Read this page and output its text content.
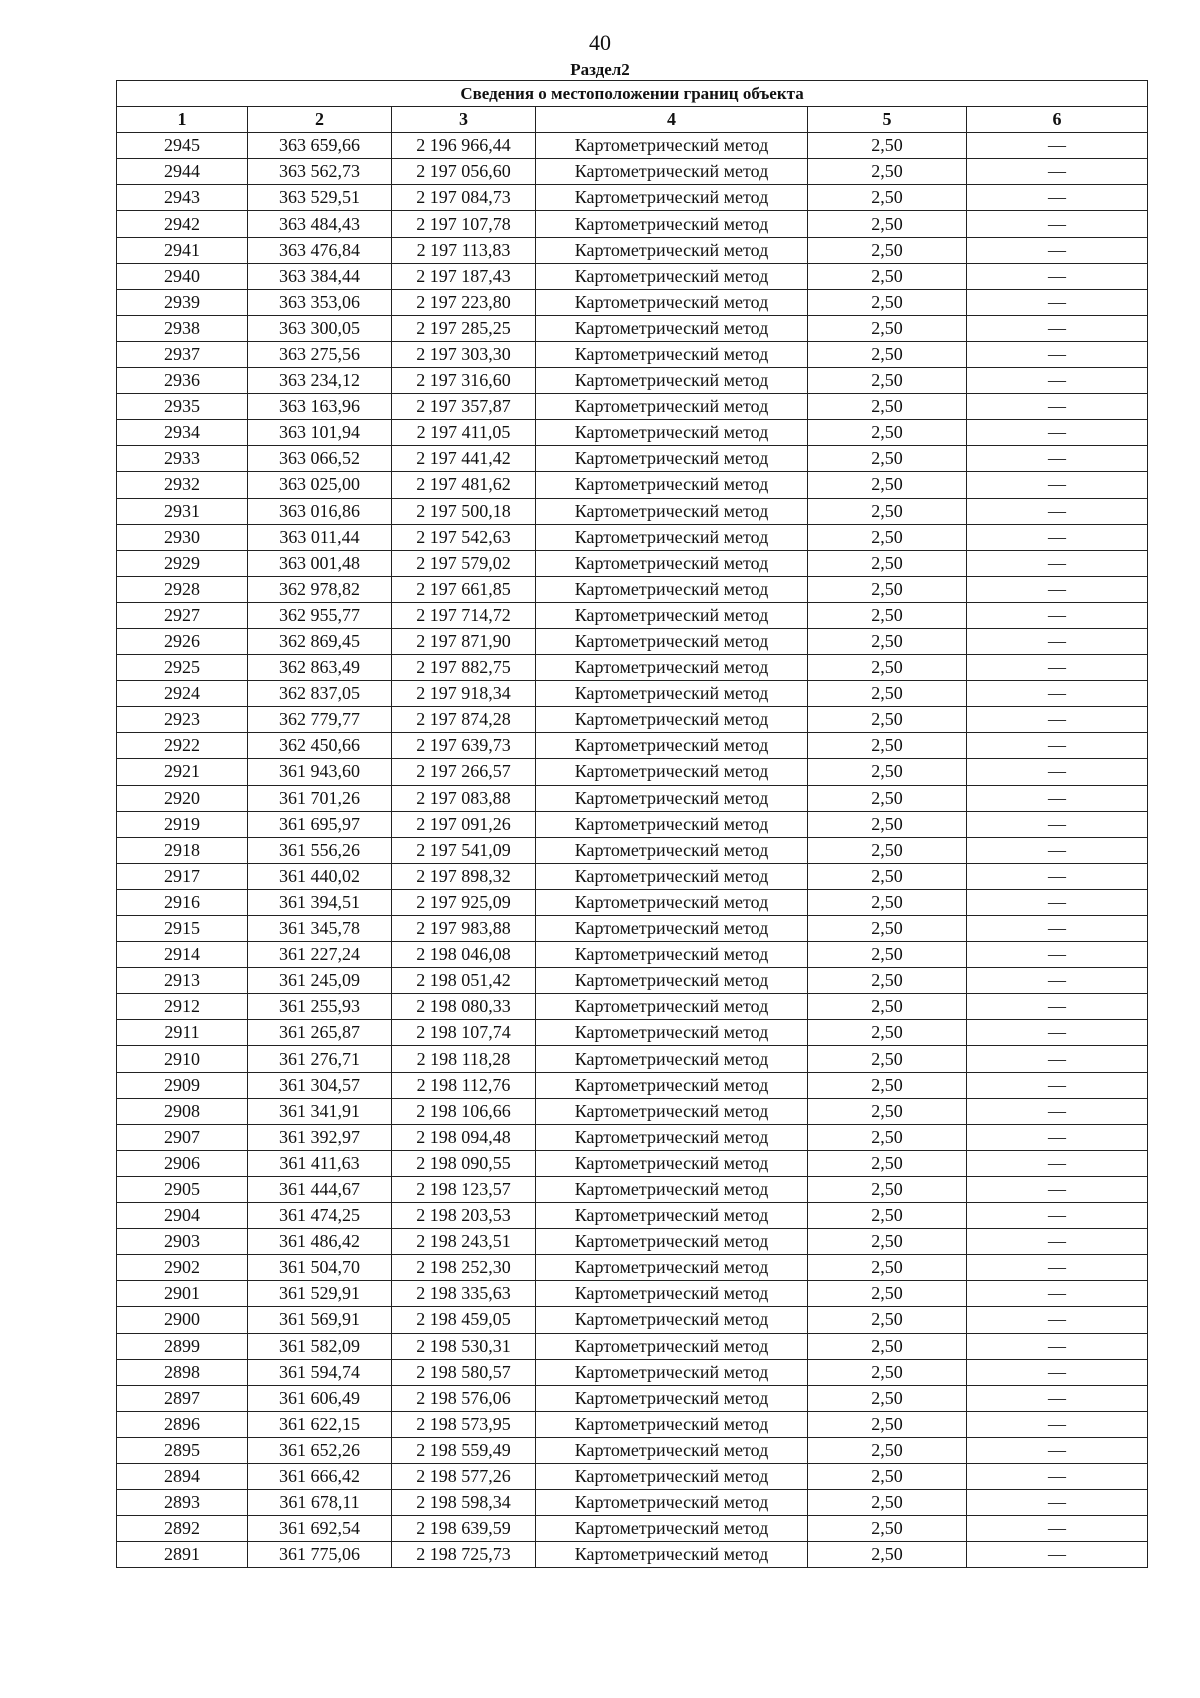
40
Раздел2
Сведения о местоположении границ объекта					
1	2	3	4	5	6
2945	363 659,66	2 196 966,44	Картометрический метод	2,50	—
2944	363 562,73	2 197 056,60	Картометрический метод	2,50	—
2943	363 529,51	2 197 084,73	Картометрический метод	2,50	—
2942	363 484,43	2 197 107,78	Картометрический метод	2,50	—
2941	363 476,84	2 197 113,83	Картометрический метод	2,50	—
2940	363 384,44	2 197 187,43	Картометрический метод	2,50	—
2939	363 353,06	2 197 223,80	Картометрический метод	2,50	—
2938	363 300,05	2 197 285,25	Картометрический метод	2,50	—
2937	363 275,56	2 197 303,30	Картометрический метод	2,50	—
2936	363 234,12	2 197 316,60	Картометрический метод	2,50	—
2935	363 163,96	2 197 357,87	Картометрический метод	2,50	—
2934	363 101,94	2 197 411,05	Картометрический метод	2,50	—
2933	363 066,52	2 197 441,42	Картометрический метод	2,50	—
2932	363 025,00	2 197 481,62	Картометрический метод	2,50	—
2931	363 016,86	2 197 500,18	Картометрический метод	2,50	—
2930	363 011,44	2 197 542,63	Картометрический метод	2,50	—
2929	363 001,48	2 197 579,02	Картометрический метод	2,50	—
2928	362 978,82	2 197 661,85	Картометрический метод	2,50	—
2927	362 955,77	2 197 714,72	Картометрический метод	2,50	—
2926	362 869,45	2 197 871,90	Картометрический метод	2,50	—
2925	362 863,49	2 197 882,75	Картометрический метод	2,50	—
2924	362 837,05	2 197 918,34	Картометрический метод	2,50	—
2923	362 779,77	2 197 874,28	Картометрический метод	2,50	—
2922	362 450,66	2 197 639,73	Картометрический метод	2,50	—
2921	361 943,60	2 197 266,57	Картометрический метод	2,50	—
2920	361 701,26	2 197 083,88	Картометрический метод	2,50	—
2919	361 695,97	2 197 091,26	Картометрический метод	2,50	—
2918	361 556,26	2 197 541,09	Картометрический метод	2,50	—
2917	361 440,02	2 197 898,32	Картометрический метод	2,50	—
2916	361 394,51	2 197 925,09	Картометрический метод	2,50	—
2915	361 345,78	2 197 983,88	Картометрический метод	2,50	—
2914	361 227,24	2 198 046,08	Картометрический метод	2,50	—
2913	361 245,09	2 198 051,42	Картометрический метод	2,50	—
2912	361 255,93	2 198 080,33	Картометрический метод	2,50	—
2911	361 265,87	2 198 107,74	Картометрический метод	2,50	—
2910	361 276,71	2 198 118,28	Картометрический метод	2,50	—
2909	361 304,57	2 198 112,76	Картометрический метод	2,50	—
2908	361 341,91	2 198 106,66	Картометрический метод	2,50	—
2907	361 392,97	2 198 094,48	Картометрический метод	2,50	—
2906	361 411,63	2 198 090,55	Картометрический метод	2,50	—
2905	361 444,67	2 198 123,57	Картометрический метод	2,50	—
2904	361 474,25	2 198 203,53	Картометрический метод	2,50	—
2903	361 486,42	2 198 243,51	Картометрический метод	2,50	—
2902	361 504,70	2 198 252,30	Картометрический метод	2,50	—
2901	361 529,91	2 198 335,63	Картометрический метод	2,50	—
2900	361 569,91	2 198 459,05	Картометрический метод	2,50	—
2899	361 582,09	2 198 530,31	Картометрический метод	2,50	—
2898	361 594,74	2 198 580,57	Картометрический метод	2,50	—
2897	361 606,49	2 198 576,06	Картометрический метод	2,50	—
2896	361 622,15	2 198 573,95	Картометрический метод	2,50	—
2895	361 652,26	2 198 559,49	Картометрический метод	2,50	—
2894	361 666,42	2 198 577,26	Картометрический метод	2,50	—
2893	361 678,11	2 198 598,34	Картометрический метод	2,50	—
2892	361 692,54	2 198 639,59	Картометрический метод	2,50	—
2891	361 775,06	2 198 725,73	Картометрический метод	2,50	—
